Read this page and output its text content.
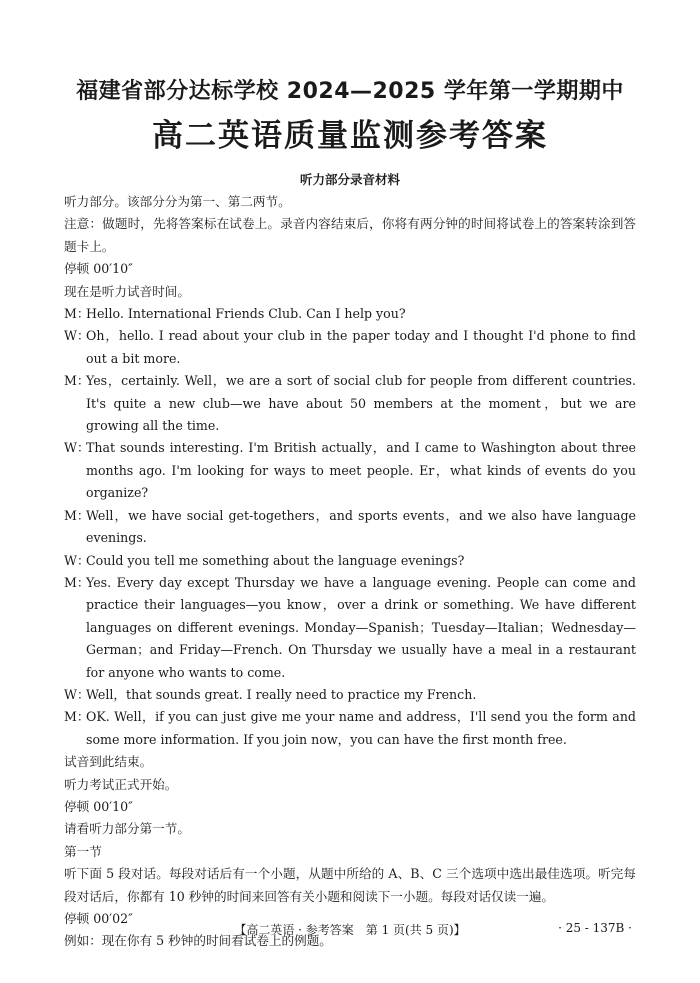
福建省部分达标学校 2024—2025 学年第一学期期中
高二英语质量监测参考答案
听力部分录音材料

听力部分。该部分分为第一、第二两节。

注意：做题时，先将答案标在试卷上。录音内容结束后，你将有两分钟的时间将试卷上的答案转涂到答题卡上。

停顿 00′10″

现在是听力试音时间。

M：Hello. International Friends Club. Can I help you?

W：Oh，hello. I read about your club in the paper today and I thought I'd phone to find out a bit more.

M：Yes，certainly. Well，we are a sort of social club for people from different countries. It's quite a new club—we have about 50 members at the moment，but we are growing all the time.

W：That sounds interesting. I'm British actually，and I came to Washington about three months ago. I'm looking for ways to meet people. Er，what kinds of events do you organize?

M：Well，we have social get-togethers，and sports events，and we also have language evenings.

W：Could you tell me something about the language evenings?

M：Yes. Every day except Thursday we have a language evening. People can come and practice their languages—you know，over a drink or something. We have different languages on different evenings. Monday—Spanish；Tuesday—Italian；Wednesday—German；and Friday—French. On Thursday we usually have a meal in a restaurant for anyone who wants to come.

W：Well，that sounds great. I really need to practice my French.

M：OK. Well，if you can just give me your name and address，I'll send you the form and some more information. If you join now，you can have the first month free.

试音到此结束。

听力考试正式开始。

停顿 00′10″

请看听力部分第一节。

第一节

听下面 5 段对话。每段对话后有一个小题，从题中所给的 A、B、C 三个选项中选出最佳选项。听完每段对话后，你都有 10 秒钟的时间来回答有关小题和阅读下一小题。每段对话仅读一遍。

停顿 00′02″

例如：现在你有 5 秒钟的时间看试卷上的例题。

【高二英语 · 参考答案　第 1 页(共 5 页)】	· 25 - 137B ·
